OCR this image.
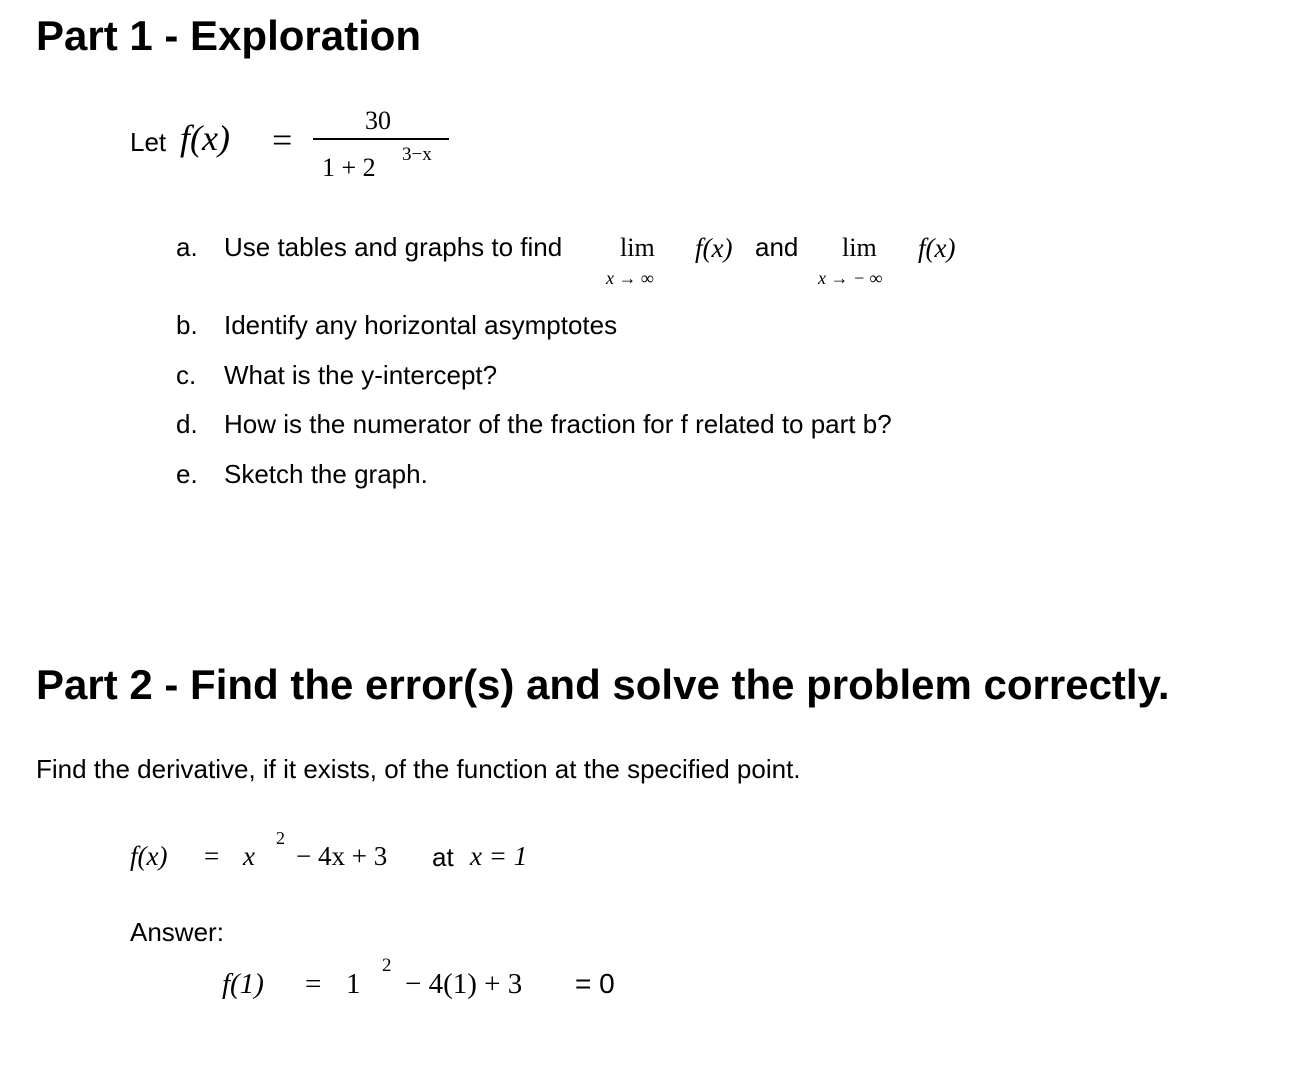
Part 1 - Exploration
Let f(x) =	30
1 + 2 3−x
a. Use tables and graphs to find lim
x → ∞
f(x) and lim
x → − ∞
f(x)
b. Identify any horizontal asymptotes
c. What is the y-intercept?
d. How is the numerator of the fraction for f related to part b?
e. Sketch the graph.
Part 2 - Find the error(s) and solve the problem correctly.
Find the derivative, if it exists, of the function at the specified point.
f(x) = x
2
− 4x + 3 at x = 1
Answer:
f(1) = 1
2
− 4(1) + 3 = 0
